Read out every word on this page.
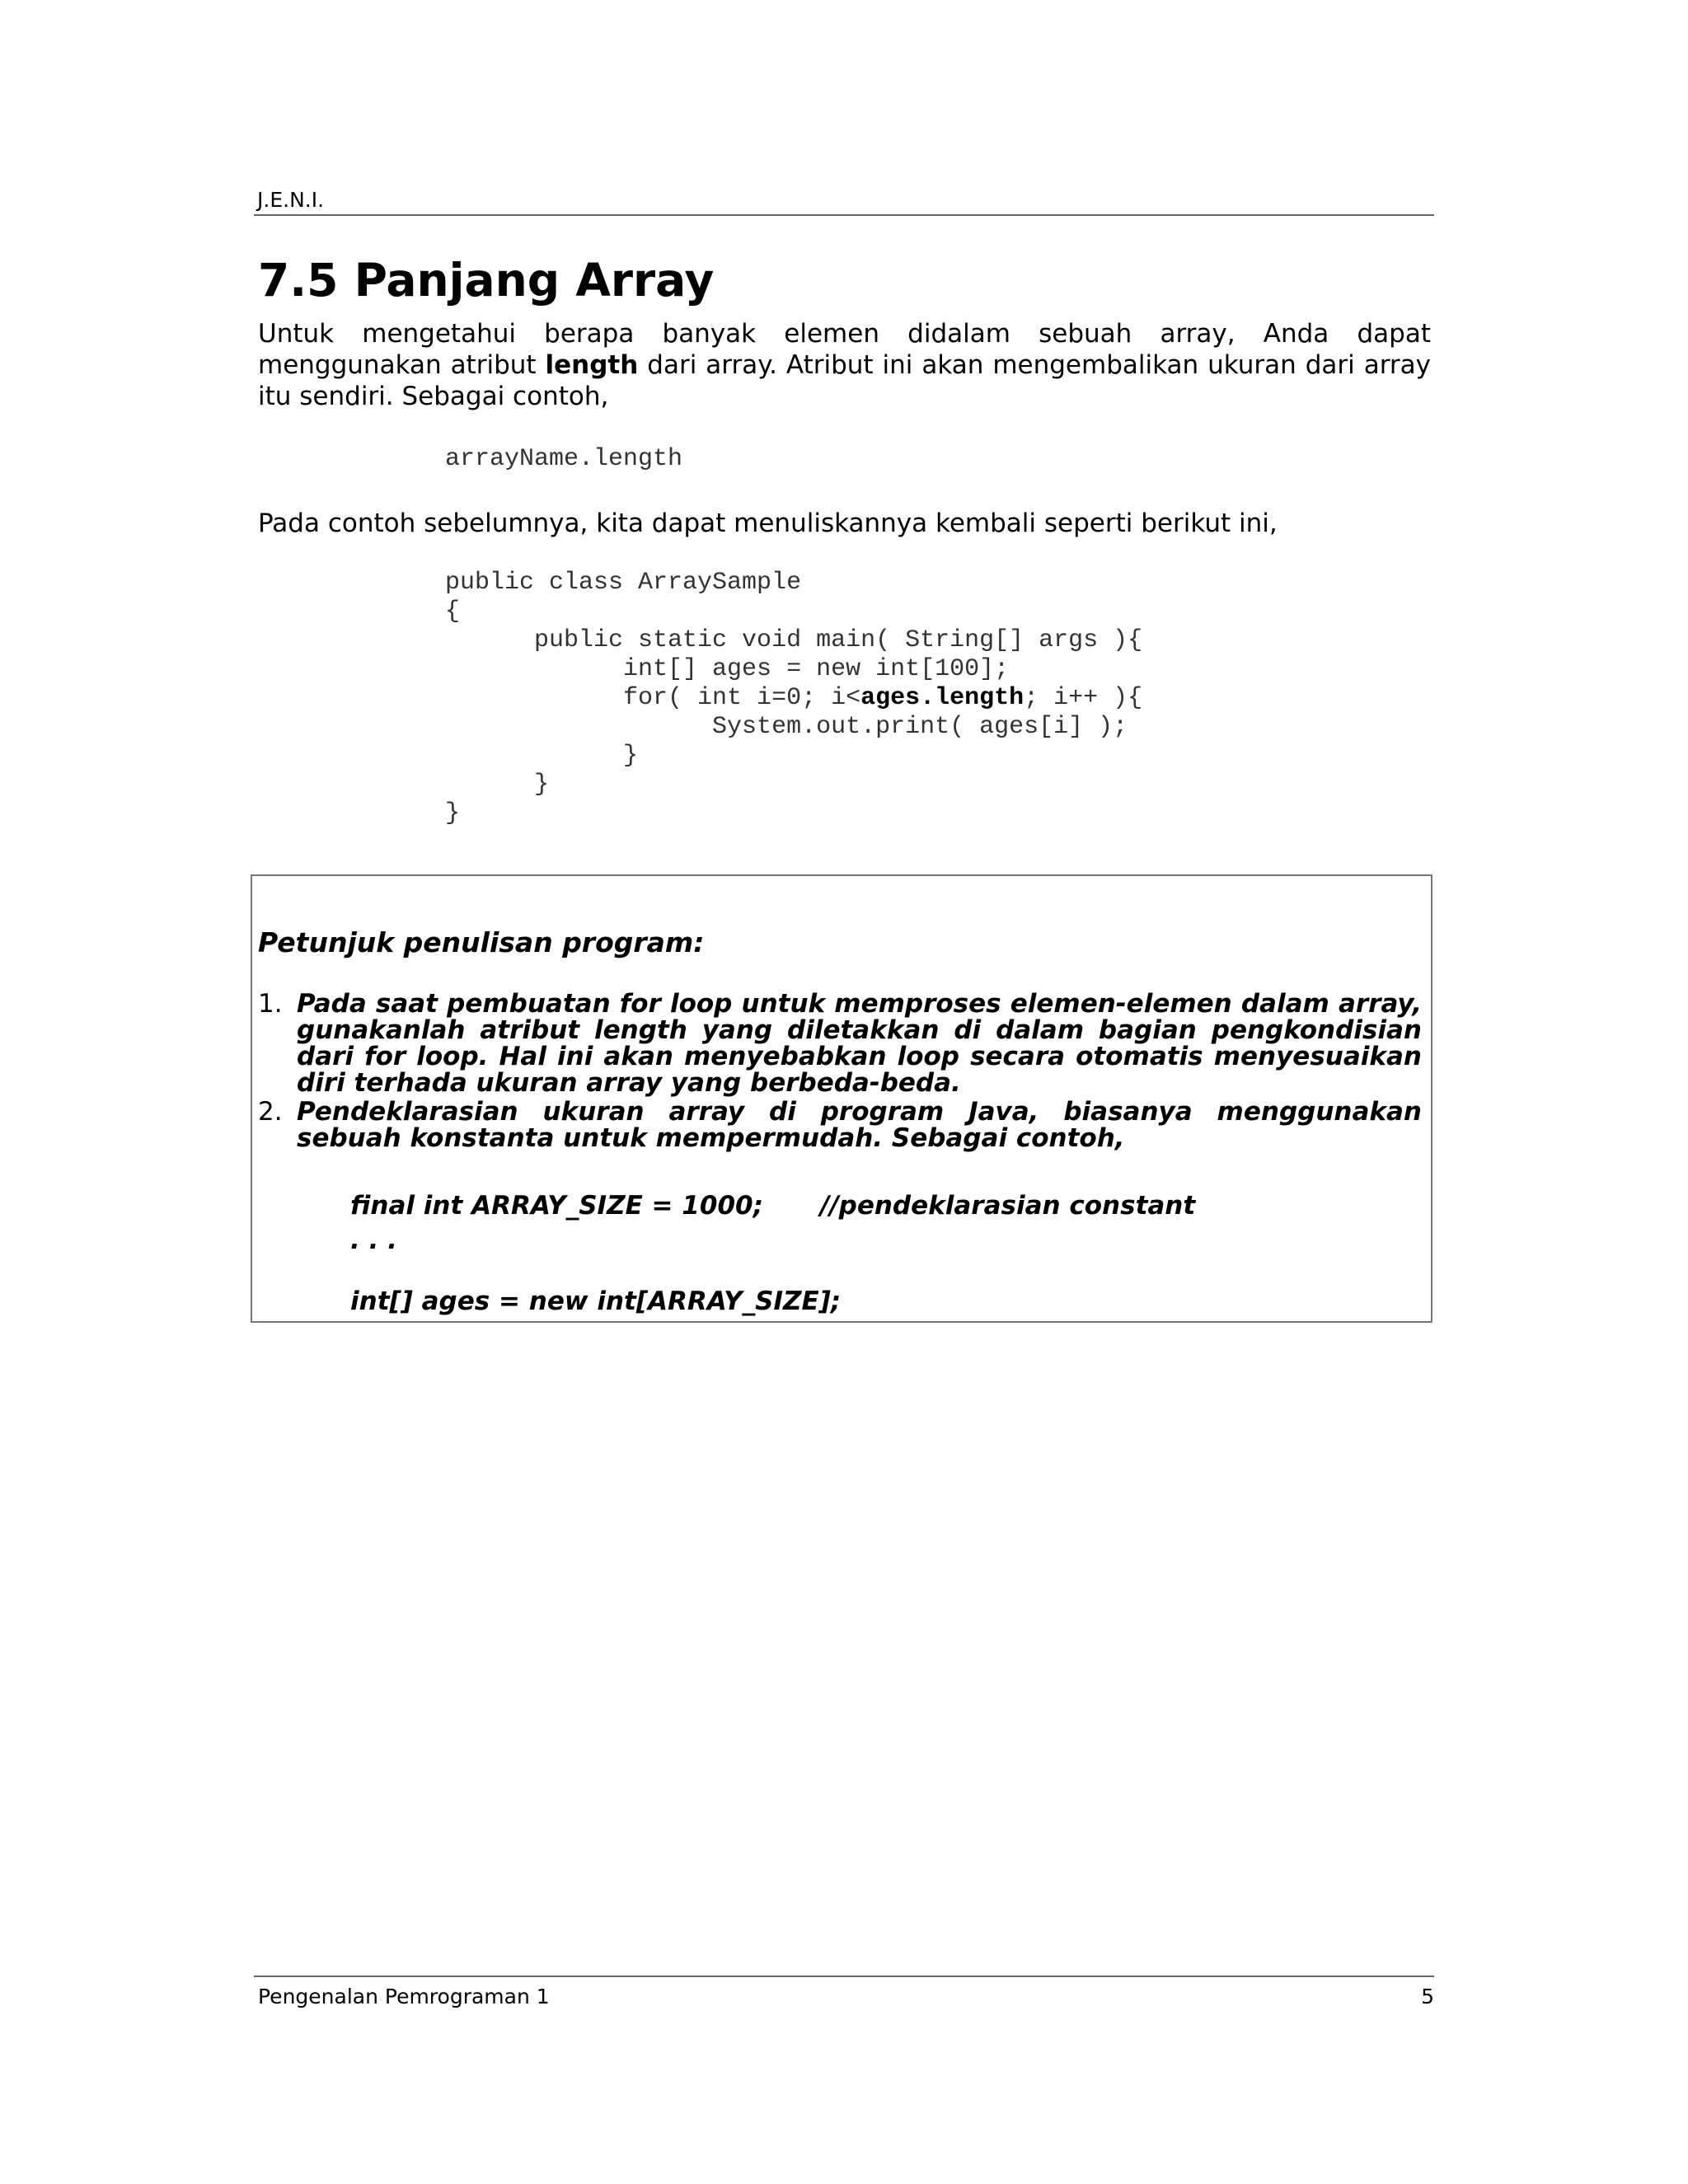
J.E.N.I.
7.5 Panjang Array
Untuk mengetahui berapa banyak elemen didalam sebuah array, Anda dapat menggunakan atribut length dari array. Atribut ini akan mengembalikan ukuran dari array itu sendiri. Sebagai contoh,
arrayName.length
Pada contoh sebelumnya, kita dapat menuliskannya kembali seperti berikut ini,
public class ArraySample
{
public static void main( String[] args ){
int[] ages = new int[100];
for( int i=0; i<ages.length; i++ ){
System.out.print( ages[i] );
}
}
}
Petunjuk penulisan program:
1. Pada saat pembuatan for loop untuk memproses elemen-elemen dalam array, gunakanlah atribut length yang diletakkan di dalam bagian pengkondisian dari for loop. Hal ini akan menyebabkan loop secara otomatis menyesuaikan diri terhada ukuran array yang berbeda-beda.
2. Pendeklarasian ukuran array di program Java, biasanya menggunakan sebuah konstanta untuk mempermudah. Sebagai contoh,
final int ARRAY_SIZE = 1000; //pendeklarasian constant
. . .
int[] ages = new int[ARRAY_SIZE];
Pengenalan Pemrograman 1	5
